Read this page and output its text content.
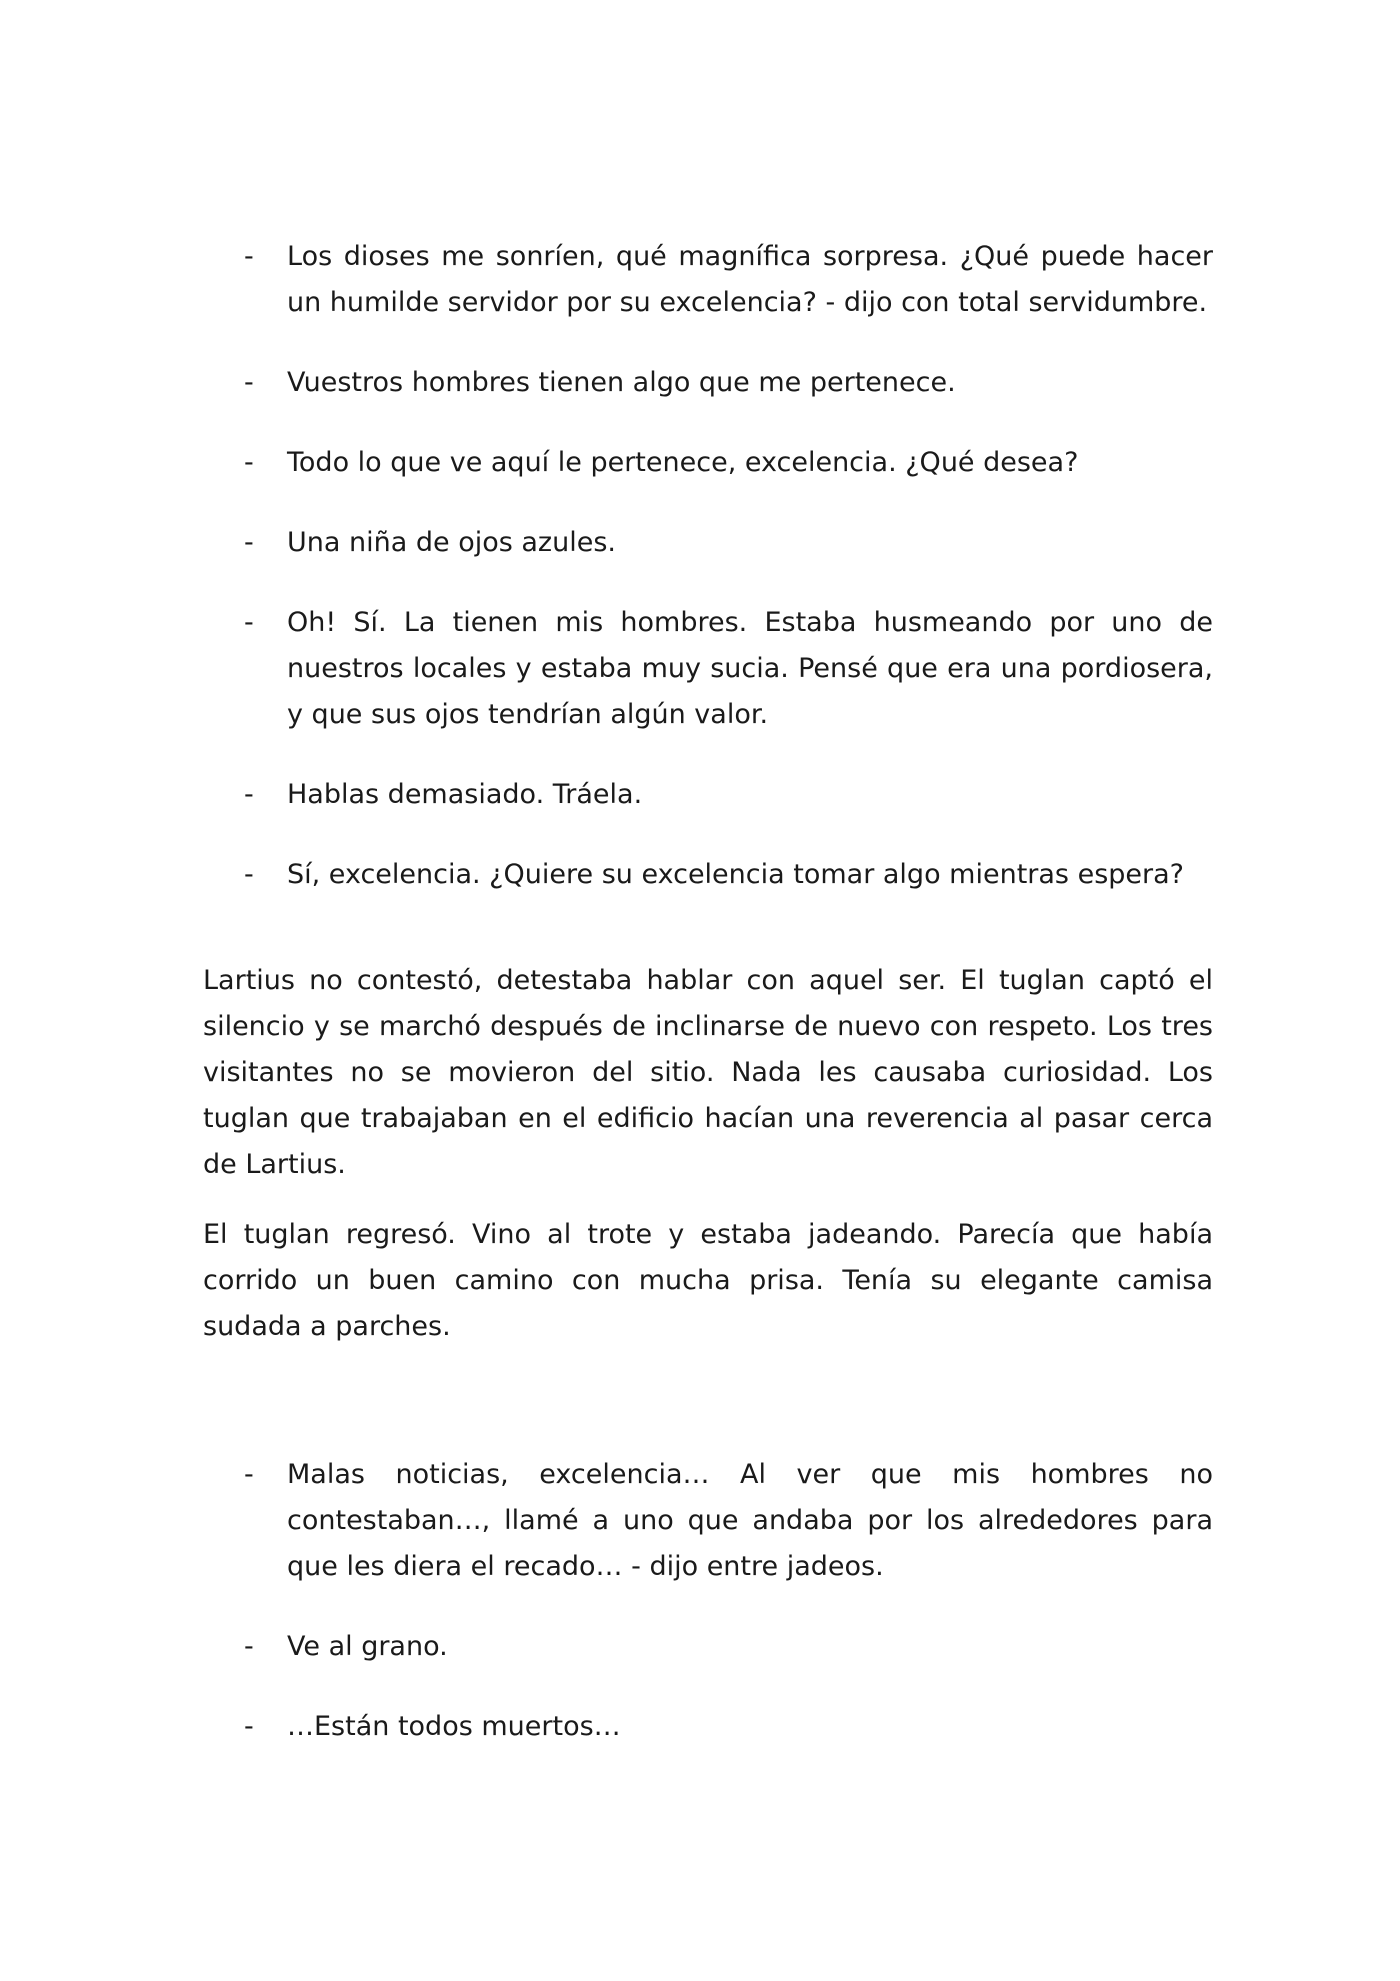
-	Los dioses me sonríen, qué magnífica sorpresa. ¿Qué puede hacer un humilde servidor por su excelencia? - dijo con total servidumbre.
-	Vuestros hombres tienen algo que me pertenece.
-	Todo lo que ve aquí le pertenece, excelencia. ¿Qué desea?
-	Una niña de ojos azules.
-	Oh! Sí. La tienen mis hombres. Estaba husmeando por uno de nuestros locales y estaba muy sucia. Pensé que era una pordiosera, y que sus ojos tendrían algún valor.
-	Hablas demasiado. Tráela.
-	Sí, excelencia. ¿Quiere su excelencia tomar algo mientras espera?

Lartius no contestó, detestaba hablar con aquel ser. El tuglan captó el silencio y se marchó después de inclinarse de nuevo con respeto. Los tres visitantes no se movieron del sitio. Nada les causaba curiosidad. Los tuglan que trabajaban en el edificio hacían una reverencia al pasar cerca de Lartius.

El tuglan regresó. Vino al trote y estaba jadeando. Parecía que había corrido un buen camino con mucha prisa. Tenía su elegante camisa sudada a parches.

-	Malas noticias, excelencia… Al ver que mis hombres no contestaban…, llamé a uno que andaba por los alrededores para que les diera el recado… - dijo entre jadeos.
-	Ve al grano.
-	…Están todos muertos…
